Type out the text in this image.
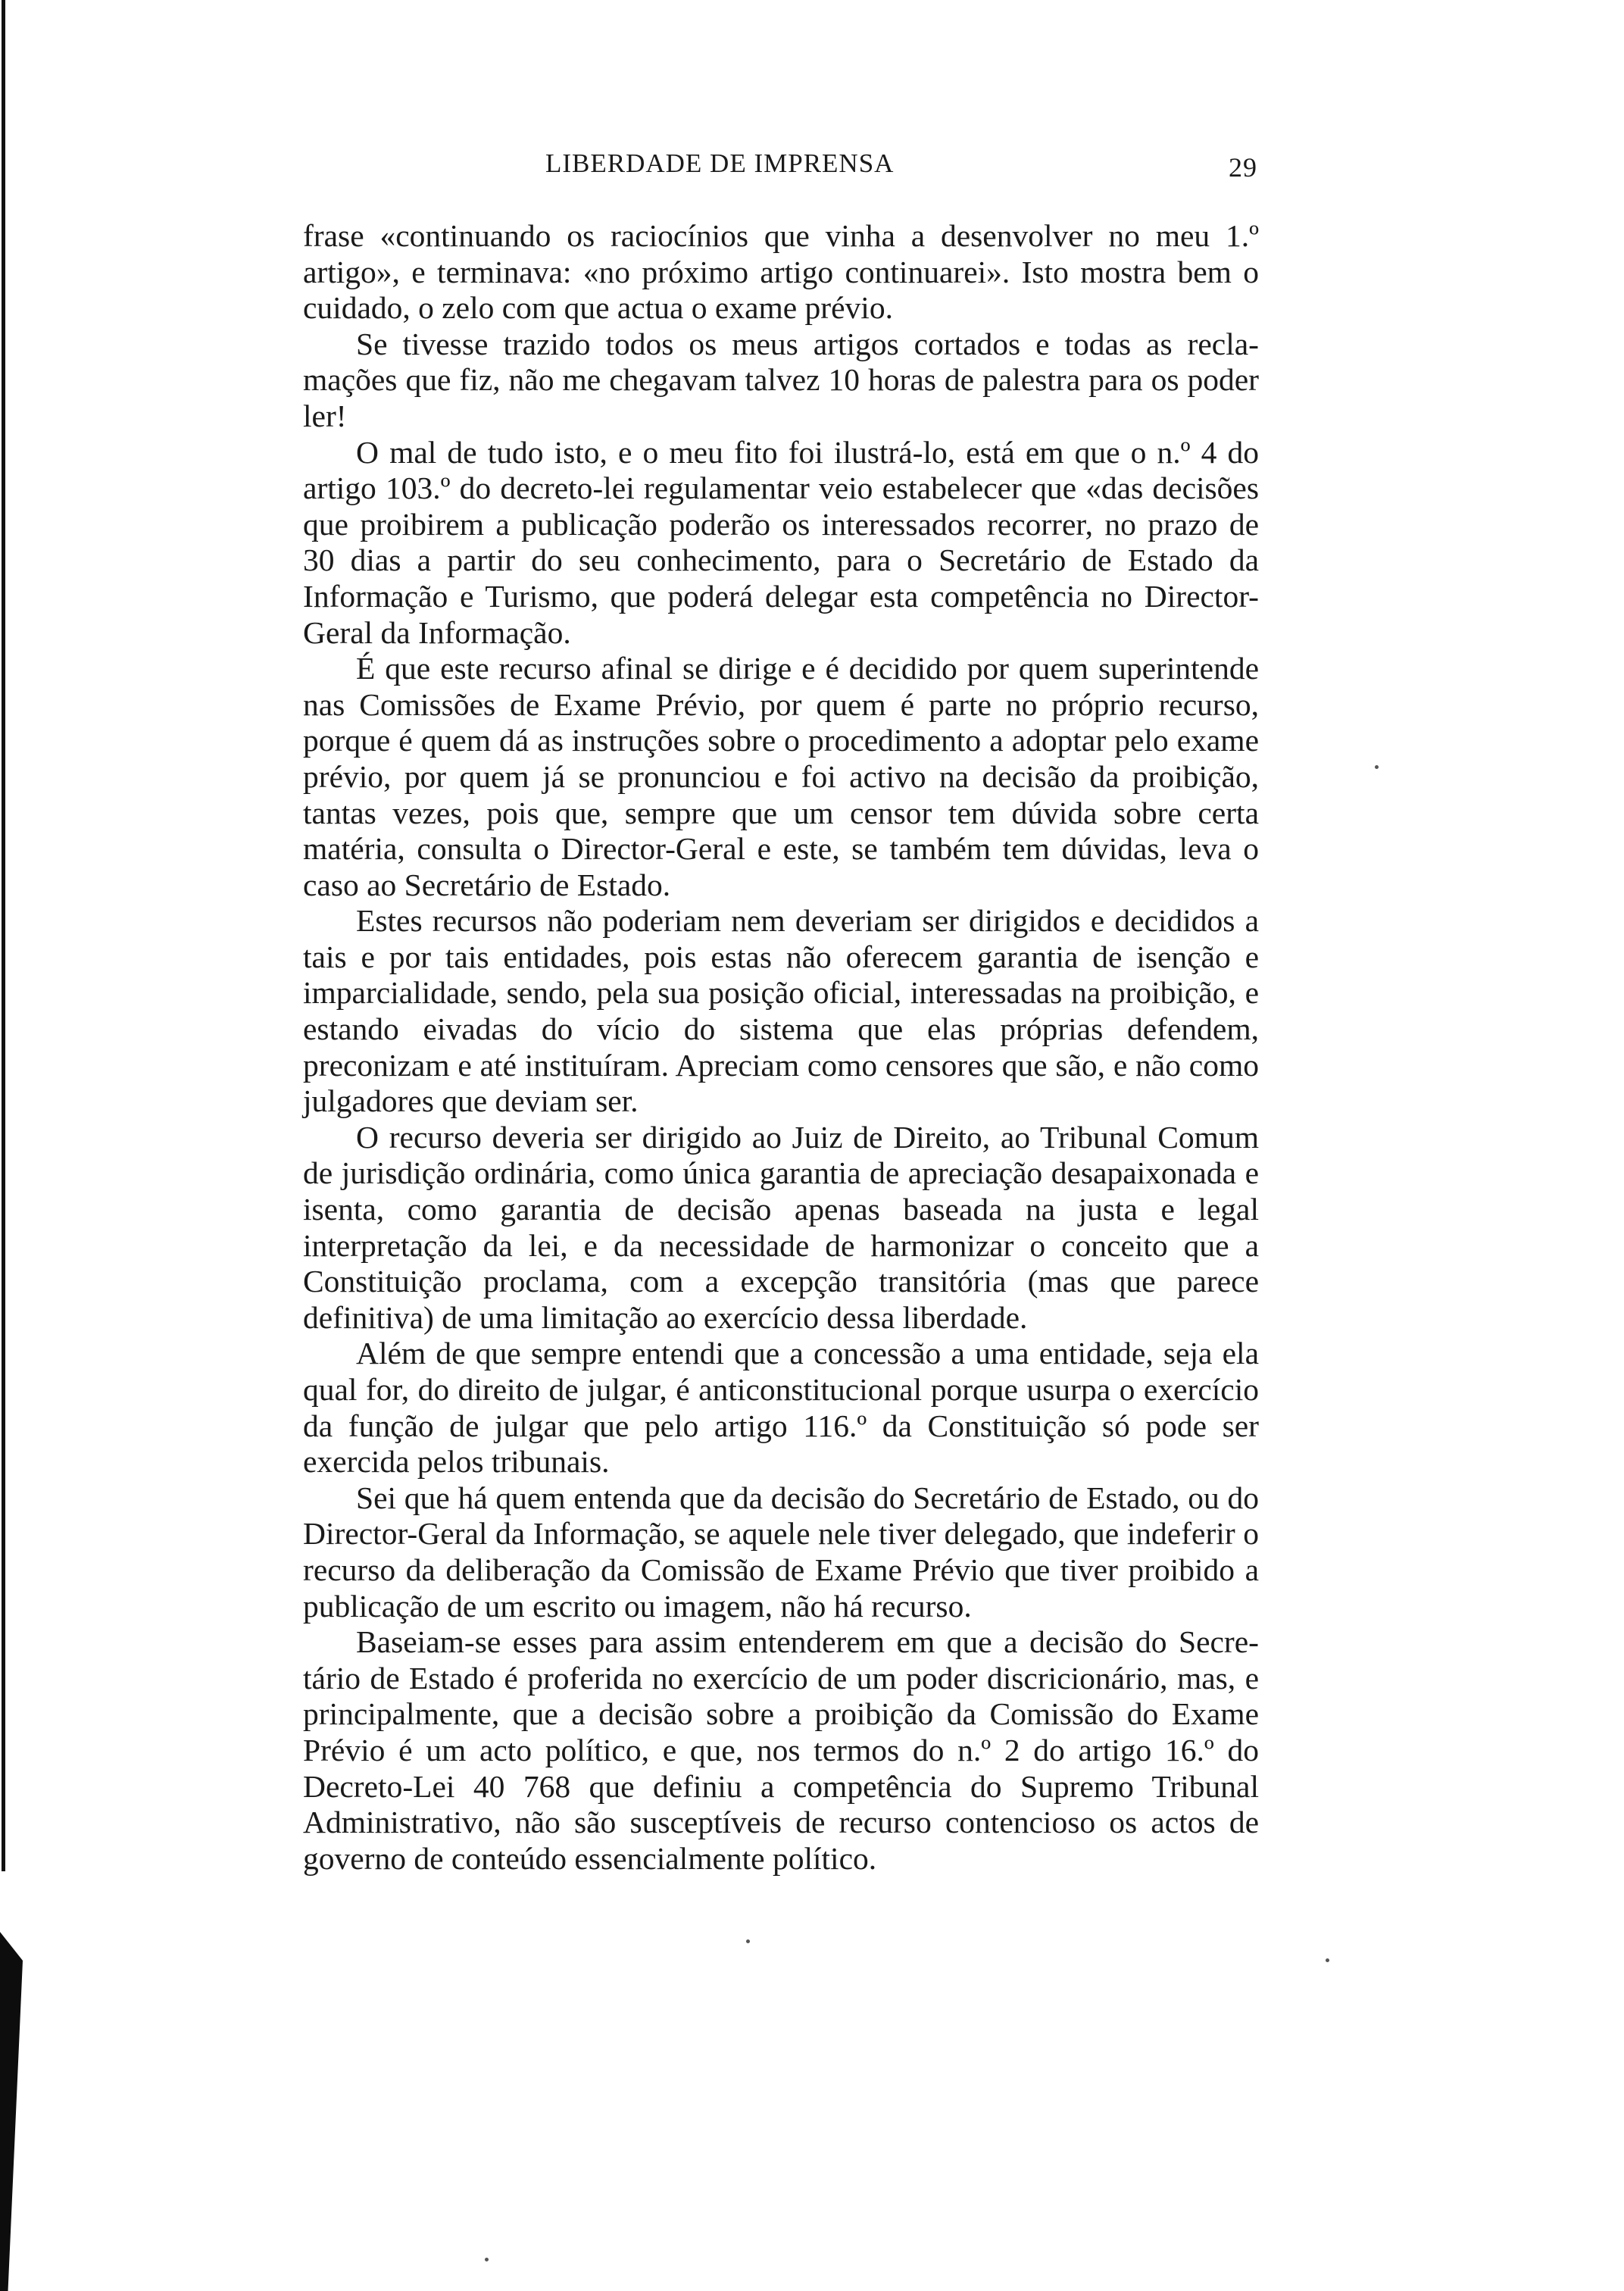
LIBERDADE DE IMPRENSA	29

frase «continuando os raciocínios que vinha a desenvolver no meu 1.º artigo», e terminava: «no próximo artigo continuarei». Isto mostra bem o cuidado, o zelo com que actua o exame prévio.

Se tivesse trazido todos os meus artigos cortados e todas as reclamações que fiz, não me chegavam talvez 10 horas de palestra para os poder ler!

O mal de tudo isto, e o meu fito foi ilustrá-lo, está em que o n.º 4 do artigo 103.º do decreto-lei regulamentar veio estabelecer que «das decisões que proibirem a publicação poderão os interessados recorrer, no prazo de 30 dias a partir do seu conhecimento, para o Secretário de Estado da Informação e Turismo, que poderá delegar esta competência no Director-Geral da Informação.

É que este recurso afinal se dirige e é decidido por quem superintende nas Comissões de Exame Prévio, por quem é parte no próprio recurso, porque é quem dá as instruções sobre o procedimento a adoptar pelo exame prévio, por quem já se pronunciou e foi activo na decisão da proibição, tantas vezes, pois que, sempre que um censor tem dúvida sobre certa matéria, consulta o Director-Geral e este, se também tem dúvidas, leva o caso ao Secretário de Estado.

Estes recursos não poderiam nem deveriam ser dirigidos e decididos a tais e por tais entidades, pois estas não oferecem garantia de isenção e imparcialidade, sendo, pela sua posição oficial, interessadas na proibição, e estando eivadas do vício do sistema que elas próprias defendem, preconizam e até instituíram. Apreciam como censores que são, e não como julgadores que deviam ser.

O recurso deveria ser dirigido ao Juiz de Direito, ao Tribunal Comum de jurisdição ordinária, como única garantia de apreciação desapaixonada e isenta, como garantia de decisão apenas baseada na justa e legal interpretação da lei, e da necessidade de harmonizar o conceito que a Constituição proclama, com a excepção transitória (mas que parece definitiva) de uma limitação ao exercício dessa liberdade.

Além de que sempre entendi que a concessão a uma entidade, seja ela qual for, do direito de julgar, é anticonstitucional porque usurpa o exercício da função de julgar que pelo artigo 116.º da Constituição só pode ser exercida pelos tribunais.

Sei que há quem entenda que da decisão do Secretário de Estado, ou do Director-Geral da Informação, se aquele nele tiver delegado, que indeferir o recurso da deliberação da Comissão de Exame Prévio que tiver proibido a publicação de um escrito ou imagem, não há recurso.

Baseiam-se esses para assim entenderem em que a decisão do Secretário de Estado é proferida no exercício de um poder discricionário, mas, e principalmente, que a decisão sobre a proibição da Comissão do Exame Prévio é um acto político, e que, nos termos do n.º 2 do artigo 16.º do Decreto-Lei 40 768 que definiu a competência do Supremo Tribunal Administrativo, não são susceptíveis de recurso contencioso os actos de governo de conteúdo essencialmente político.
